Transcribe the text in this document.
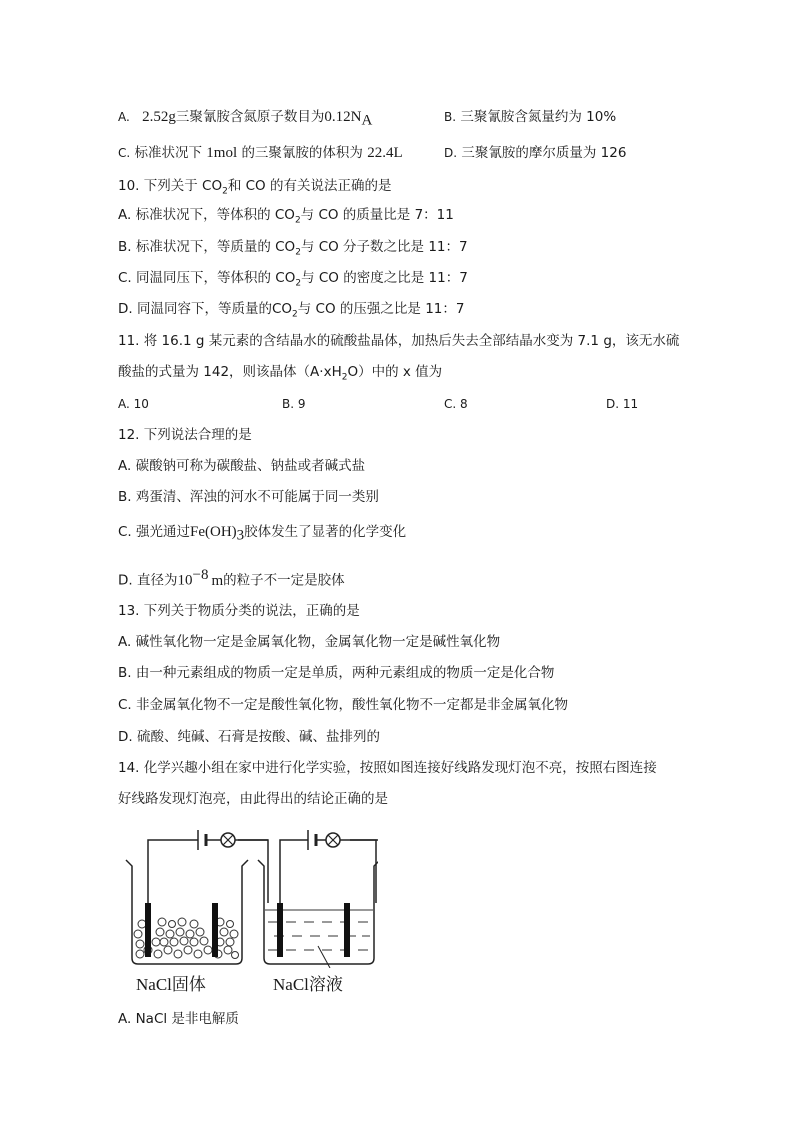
A. 2.52g三聚氰胺含氮原子数目为$0.12N_A$	B. 三聚氰胺含氮量约为 10%
C. 标准状况下 1mol 的三聚氰胺的体积为 22.4L	D. 三聚氰胺的摩尔质量为 126
10. 下列关于 $CO_2$和 CO 的有关说法正确的是
A. 标准状况下，等体积的 $CO_2$与 CO 的质量比是 7：11
B. 标准状况下，等质量的 $CO_2$与 CO 分子数之比是 11：7
C. 同温同压下，等体积的 $CO_2$与 CO 的密度之比是 11：7
D. 同温同容下，等质量的$CO_2$与 CO 的压强之比是 11：7
11. 将 16.1 g 某元素的含结晶水的硫酸盐晶体，加热后失去全部结晶水变为 7.1 g，该无水硫
酸盐的式量为 142，则该晶体$(A\cdot xH_2O)$中的 x 值为
A. 10	B. 9	C. 8	D. 11
12. 下列说法合理的是
A. 碳酸钠可称为碳酸盐、钠盐或者碱式盐
B. 鸡蛋清、浑浊的河水不可能属于同一类别
C. 强光通过$Fe(OH)_3$胶体发生了显著的化学变化
D. 直径为$10^{-8}$ m的粒子不一定是胶体
13. 下列关于物质分类的说法，正确的是
A. 碱性氧化物一定是金属氧化物，金属氧化物一定是碱性氧化物
B. 由一种元素组成的物质一定是单质，两种元素组成的物质一定是化合物
C. 非金属氧化物不一定是酸性氧化物，酸性氧化物不一定都是非金属氧化物
D. 硫酸、纯碱、石膏是按酸、碱、盐排列的
14. 化学兴趣小组在家中进行化学实验，按照如图连接好线路发现灯泡不亮，按照右图连接
好线路发现灯泡亮，由此得出的结论正确的是
NaCl固体	NaCl溶液
A. NaCl 是非电解质
